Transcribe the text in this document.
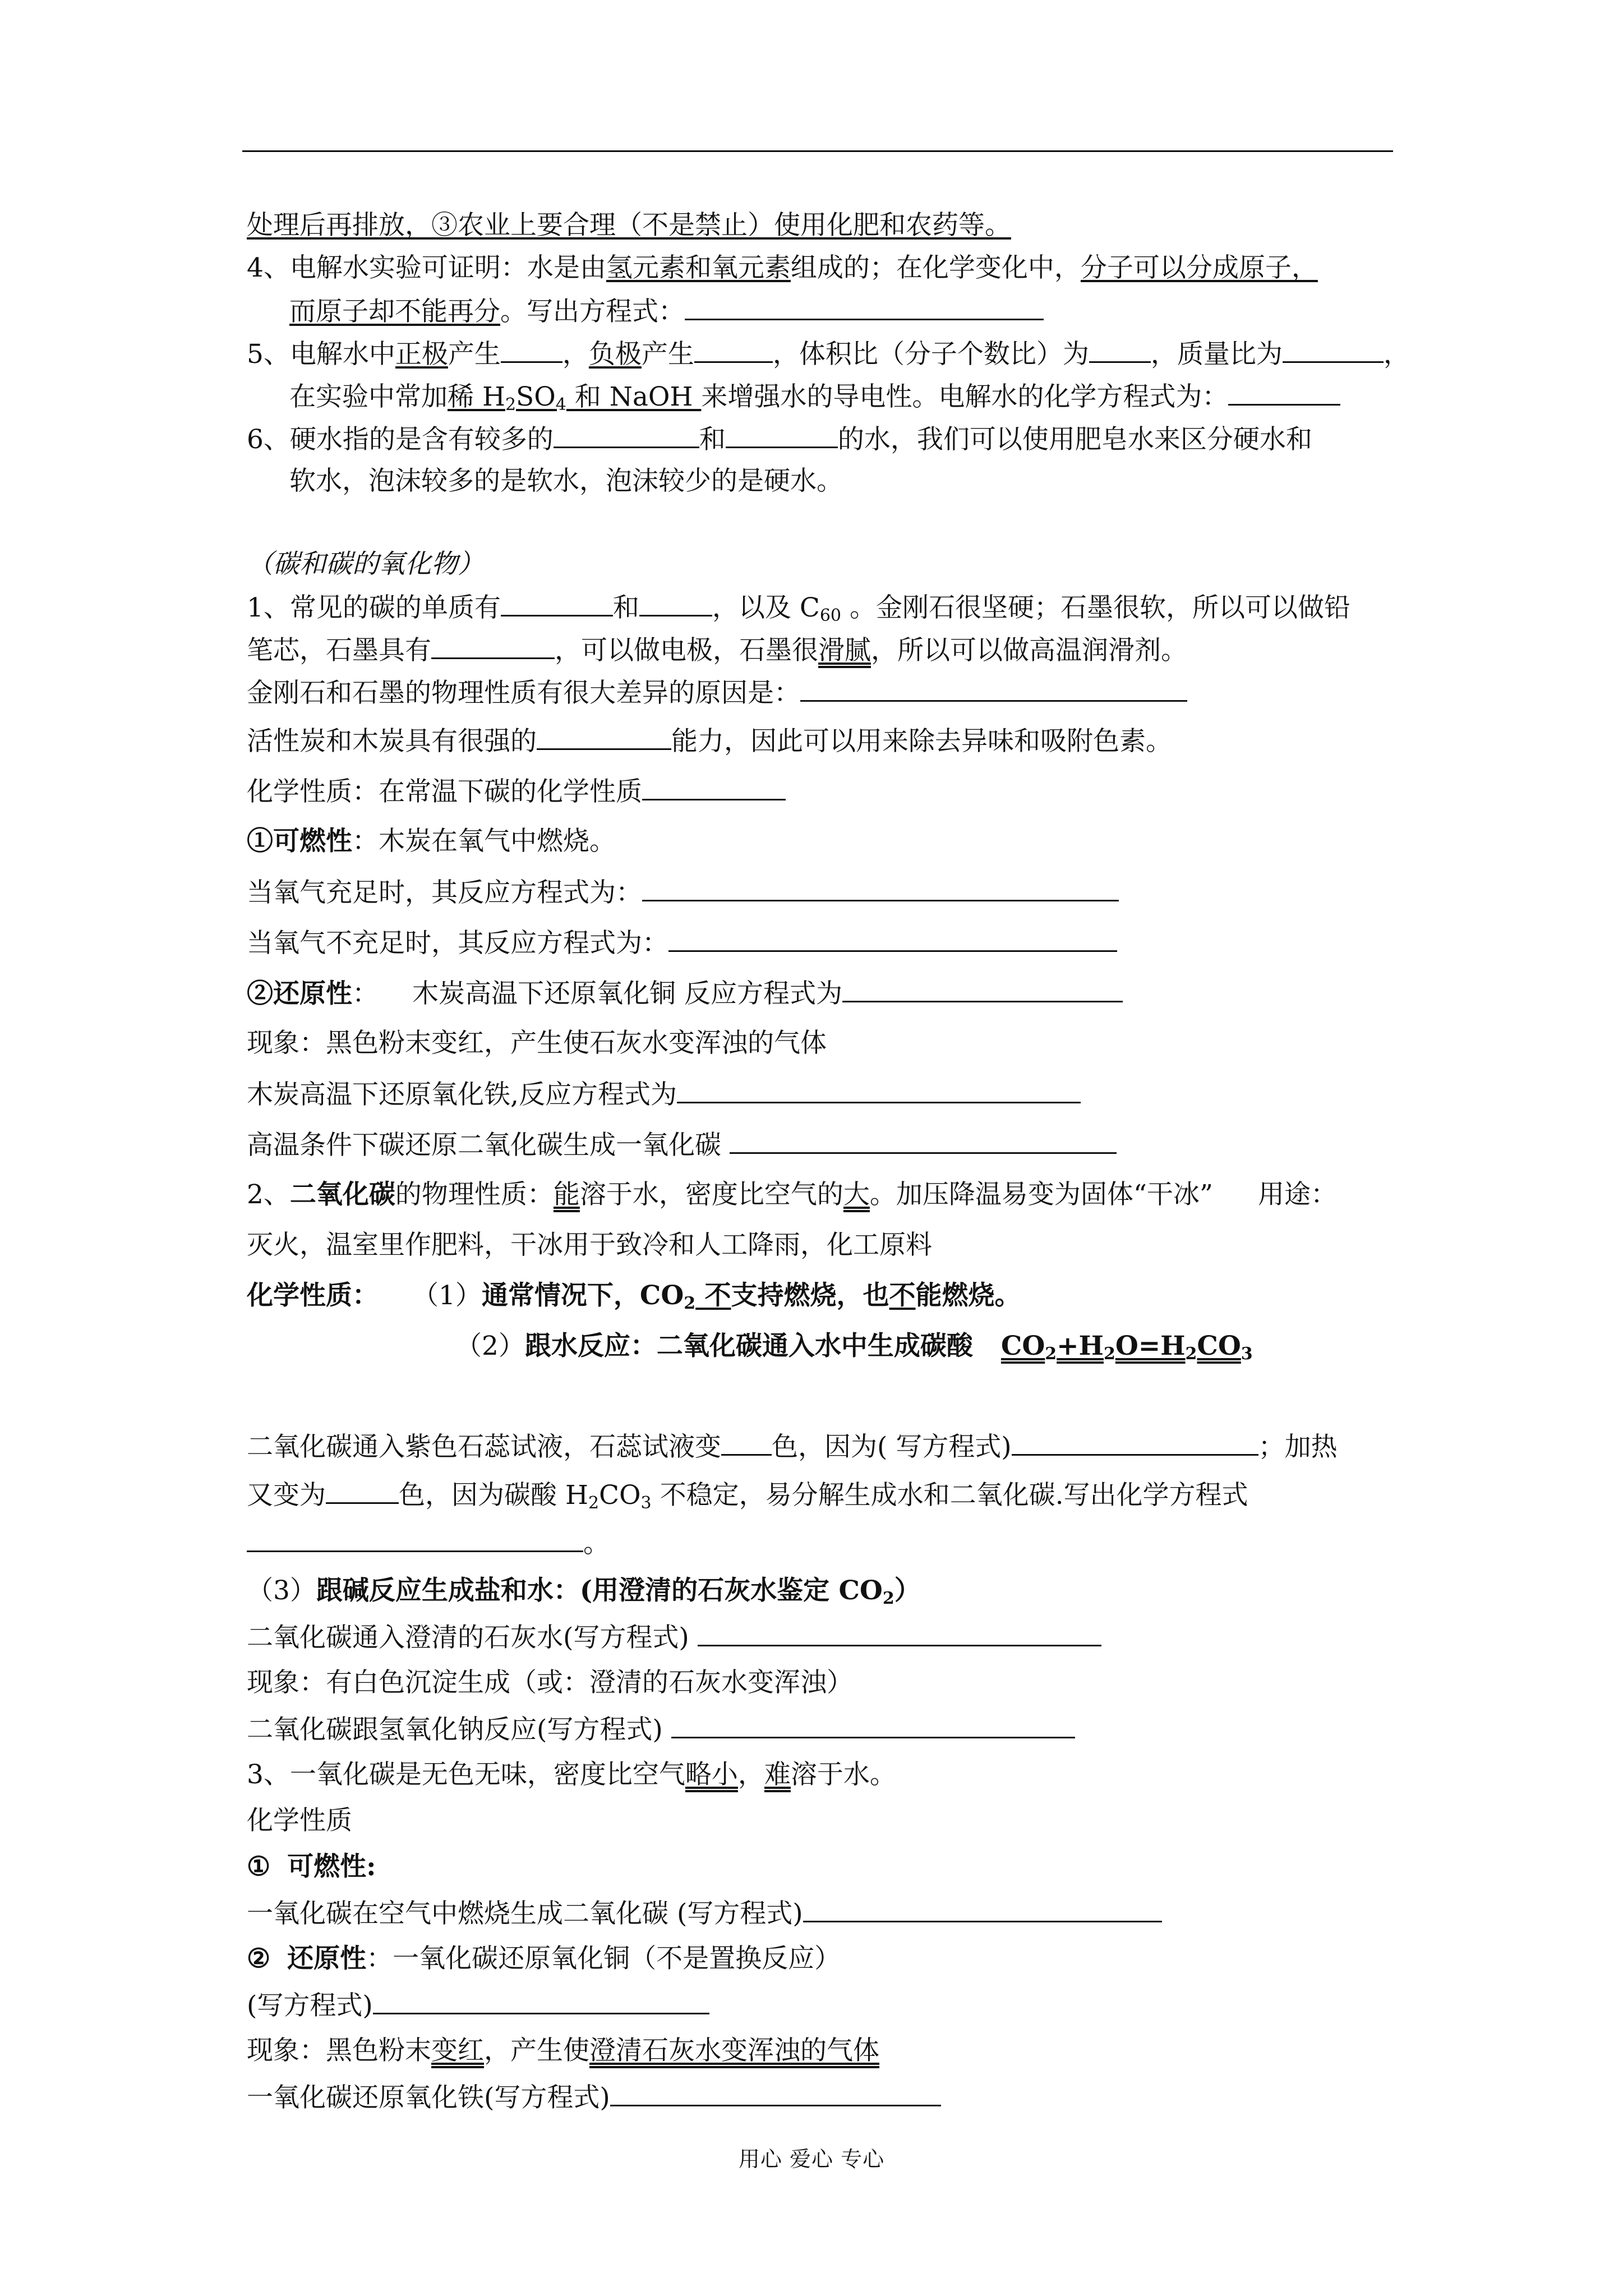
处理后再排放，③农业上要合理（不是禁止）使用化肥和农药等。
4、电解水实验可证明：水是由氢元素和氧元素组成的；在化学变化中，分子可以分成原子，
而原子却不能再分。写出方程式：
5、电解水中正极产生 ，负极产生	，体积比（分子个数比）为 ，质量比为	，
在实验中常加稀 $H_2SO_4$ 和 NaOH 来增强水的导电性。电解水的化学方程式为：
6、硬水指的是含有较多的	和	的水，我们可以使用肥皂水来区分硬水和
软水，泡沫较多的是软水，泡沫较少的是硬水。
（碳和碳的氧化物）
1、常见的碳的单质有	和	，以及 $C_{60}$ 。金刚石很坚硬；石墨很软，所以可以做铅
笔芯，石墨具有	，可以做电极，石墨很滑腻，所以可以做高温润滑剂。
金刚石和石墨的物理性质有很大差异的原因是：
活性炭和木炭具有很强的	能力，因此可以用来除去异味和吸附色素。
化学性质：在常温下碳的化学性质
①可燃性：木炭在氧气中燃烧。
当氧气充足时，其反应方程式为：
当氧气不充足时，其反应方程式为：
②还原性： 木炭高温下还原氧化铜 反应方程式为
现象：黑色粉末变红，产生使石灰水变浑浊的气体
木炭高温下还原氧化铁,反应方程式为
高温条件下碳还原二氧化碳生成一氧化碳
2、二氧化碳的物理性质：能溶于水，密度比空气的大。加压降温易变为固体“干冰” 用途：
灭火，温室里作肥料，干冰用于致冷和人工降雨，化工原料
化学性质： （1）通常情况下，$CO_2$ 不支持燃烧，也不能燃烧。
（2）跟水反应：二氧化碳通入水中生成碳酸 $CO_2+H_2O=H_2CO_3$
二氧化碳通入紫色石蕊试液，石蕊试液变 色，因为( 写方程式)	；加热
又变为	色，因为碳酸 $H_2CO_3$ 不稳定，易分解生成水和二氧化碳.写出化学方程式
。
（3）跟碱反应生成盐和水：(用澄清的石灰水鉴定 $CO_2$）
二氧化碳通入澄清的石灰水(写方程式)
现象：有白色沉淀生成（或：澄清的石灰水变浑浊）
二氧化碳跟氢氧化钠反应(写方程式)
3、一氧化碳是无色无味，密度比空气略小，难溶于水。
化学性质
① 可燃性:
一氧化碳在空气中燃烧生成二氧化碳 (写方程式)
② 还原性：一氧化碳还原氧化铜（不是置换反应）
(写方程式)
现象：黑色粉末变红，产生使澄清石灰水变浑浊的气体
一氧化碳还原氧化铁(写方程式)
用心 爱心 专心
